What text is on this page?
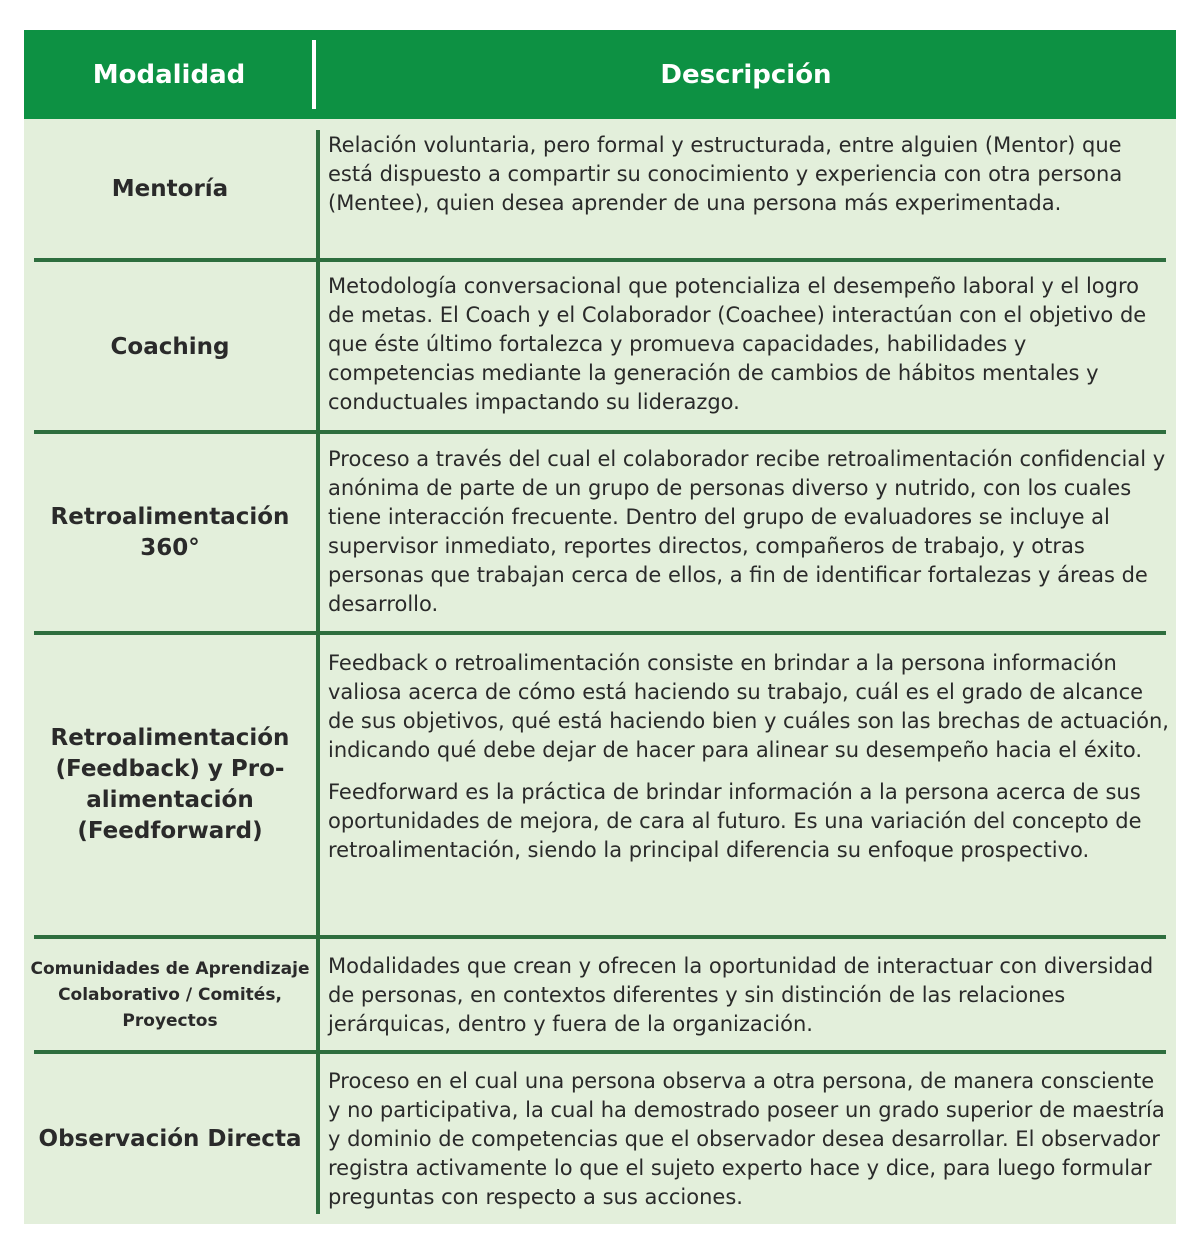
Modalidad	Descripción
Mentoría

Relación voluntaria, pero formal y estructurada, entre alguien (Mentor) que está dispuesto a compartir su conocimiento y experiencia con otra persona (Mentee), quien desea aprender de una persona más experimentada.

Coaching

Metodología conversacional que potencializa el desempeño laboral y el logro de metas. El Coach y el Colaborador (Coachee) interactúan con el objetivo de que éste último fortalezca y promueva capacidades, habilidades y competencias mediante la generación de cambios de hábitos mentales y conductuales impactando su liderazgo.

Retroalimentación 360°

Proceso a través del cual el colaborador recibe retroalimentación confidencial y anónima de parte de un grupo de personas diverso y nutrido, con los cuales tiene interacción frecuente. Dentro del grupo de evaluadores se incluye al supervisor inmediato, reportes directos, compañeros de trabajo, y otras personas que trabajan cerca de ellos, a fin de identificar fortalezas y áreas de desarrollo.

Retroalimentación (Feedback) y Pro-alimentación (Feedforward)

Feedback o retroalimentación consiste en brindar a la persona información valiosa acerca de cómo está haciendo su trabajo, cuál es el grado de alcance de sus objetivos, qué está haciendo bien y cuáles son las brechas de actuación, indicando qué debe dejar de hacer para alinear su desempeño hacia el éxito.

Feedforward es la práctica de brindar información a la persona acerca de sus oportunidades de mejora, de cara al futuro. Es una variación del concepto de retroalimentación, siendo la principal diferencia su enfoque prospectivo.

Comunidades de Aprendizaje Colaborativo / Comités, Proyectos

Modalidades que crean y ofrecen la oportunidad de interactuar con diversidad de personas, en contextos diferentes y sin distinción de las relaciones jerárquicas, dentro y fuera de la organización.

Observación Directa

Proceso en el cual una persona observa a otra persona, de manera consciente y no participativa, la cual ha demostrado poseer un grado superior de maestría y dominio de competencias que el observador desea desarrollar. El observador registra activamente lo que el sujeto experto hace y dice, para luego formular preguntas con respecto a sus acciones.
